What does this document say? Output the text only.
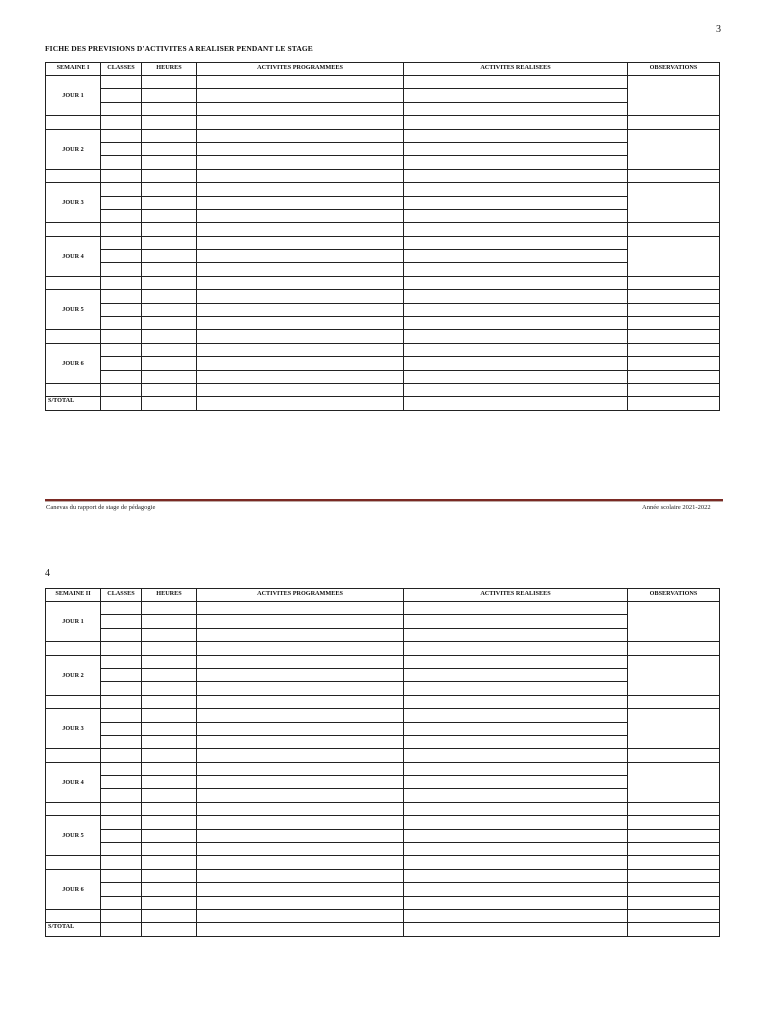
3
FICHE DES PREVISIONS D'ACTIVITES A REALISER PENDANT LE STAGE
SEMAINE I	CLASSES	HEURES	ACTIVITES PROGRAMMEES	ACTIVITES REALISEES	OBSERVATIONS
JOUR 1					

JOUR 2					

JOUR 3					

JOUR 4					

JOUR 5					

JOUR 6					

S/TOTAL					
Canevas du rapport de stage de pédagogie	Année scolaire 2021-2022
4
SEMAINE II	CLASSES	HEURES	ACTIVITES PROGRAMMEES	ACTIVITES REALISEES	OBSERVATIONS
JOUR 1					

JOUR 2					

JOUR 3					

JOUR 4					

JOUR 5					

JOUR 6					

S/TOTAL					
